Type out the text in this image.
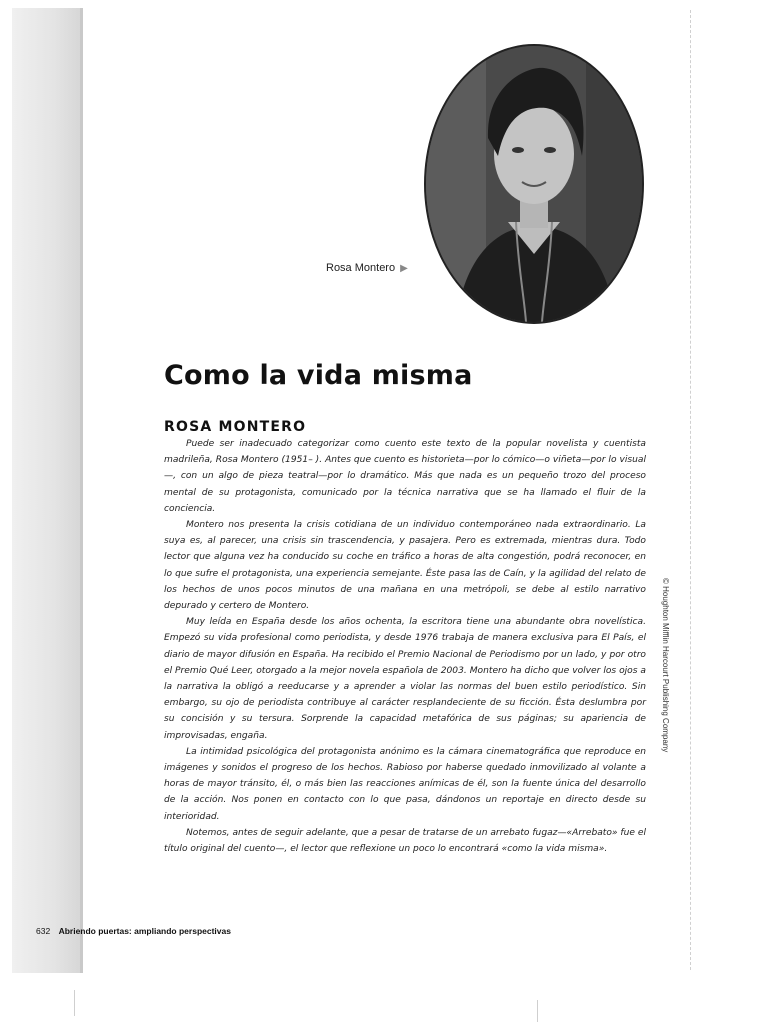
Rosa Montero ▶
Como la vida misma
ROSA MONTERO

Puede ser inadecuado categorizar como cuento este texto de la popular novelista y cuentista madrileña, Rosa Montero (1951– ). Antes que cuento es historieta—por lo cómico—o viñeta—por lo visual—, con un algo de pieza teatral—por lo dramático. Más que nada es un pequeño trozo del proceso mental de su protagonista, comunicado por la técnica narrativa que se ha llamado el fluir de la conciencia.

Montero nos presenta la crisis cotidiana de un individuo contemporáneo nada extraordinario. La suya es, al parecer, una crisis sin trascendencia, y pasajera. Pero es extremada, mientras dura. Todo lector que alguna vez ha conducido su coche en tráfico a horas de alta congestión, podrá reconocer, en lo que sufre el protagonista, una experiencia semejante. Éste pasa las de Caín, y la agilidad del relato de los hechos de unos pocos minutos de una mañana en una metrópoli, se debe al estilo narrativo depurado y certero de Montero.

Muy leída en España desde los años ochenta, la escritora tiene una abundante obra novelística. Empezó su vida profesional como periodista, y desde 1976 trabaja de manera exclusiva para El País, el diario de mayor difusión en España. Ha recibido el Premio Nacional de Periodismo por un lado, y por otro el Premio Qué Leer, otorgado a la mejor novela española de 2003. Montero ha dicho que volver los ojos a la narrativa la obligó a reeducarse y a aprender a violar las normas del buen estilo periodístico. Sin embargo, su ojo de periodista contribuye al carácter resplandeciente de su ficción. Ésta deslumbra por su concisión y su tersura. Sorprende la capacidad metafórica de sus páginas; su apariencia de improvisadas, engaña.

La intimidad psicológica del protagonista anónimo es la cámara cinematográfica que reproduce en imágenes y sonidos el progreso de los hechos. Rabioso por haberse quedado inmovilizado al volante a horas de mayor tránsito, él, o más bien las reacciones anímicas de él, son la fuente única del desarrollo de la acción. Nos ponen en contacto con lo que pasa, dándonos un reportaje en directo desde su interioridad.

Notemos, antes de seguir adelante, que a pesar de tratarse de un arrebato fugaz—«Arrebato» fue el título original del cuento—, el lector que reflexione un poco lo encontrará «como la vida misma».

© Houghton Mifflin Harcourt Publishing Company
632 Abriendo puertas: ampliando perspectivas
